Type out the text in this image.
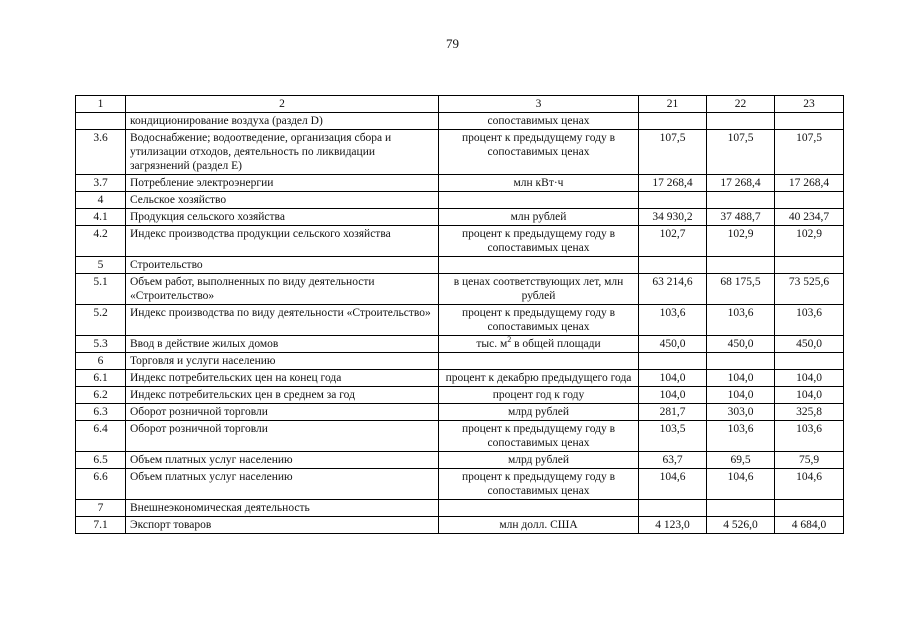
79
1	2	3	21	22	23
	кондиционирование воздуха (раздел D)	сопоставимых ценах			
3.6	Водоснабжение; водоотведение, организация сбора и утилизации отходов, деятельность по ликвидации загрязнений (раздел E)	процент к предыдущему году в сопоставимых ценах	107,5	107,5	107,5
3.7	Потребление электроэнергии	млн кВт·ч	17 268,4	17 268,4	17 268,4
4	Сельское хозяйство				
4.1	Продукция сельского хозяйства	млн рублей	34 930,2	37 488,7	40 234,7
4.2	Индекс производства продукции сельского хозяйства	процент к предыдущему году в сопоставимых ценах	102,7	102,9	102,9
5	Строительство				
5.1	Объем работ, выполненных по виду деятельности «Строительство»	в ценах соответствующих лет, млн рублей	63 214,6	68 175,5	73 525,6
5.2	Индекс производства по виду деятельности «Строительство»	процент к предыдущему году в сопоставимых ценах	103,6	103,6	103,6
5.3	Ввод в действие жилых домов	тыс. $м^2$ в общей площади	450,0	450,0	450,0
6	Торговля и услуги населению				
6.1	Индекс потребительских цен на конец года	процент к декабрю предыдущего года	104,0	104,0	104,0
6.2	Индекс потребительских цен в среднем за год	процент год к году	104,0	104,0	104,0
6.3	Оборот розничной торговли	млрд рублей	281,7	303,0	325,8
6.4	Оборот розничной торговли	процент к предыдущему году в сопоставимых ценах	103,5	103,6	103,6
6.5	Объем платных услуг населению	млрд рублей	63,7	69,5	75,9
6.6	Объем платных услуг населению	процент к предыдущему году в сопоставимых ценах	104,6	104,6	104,6
7	Внешнеэкономическая деятельность				
7.1	Экспорт товаров	млн долл. США	4 123,0	4 526,0	4 684,0
